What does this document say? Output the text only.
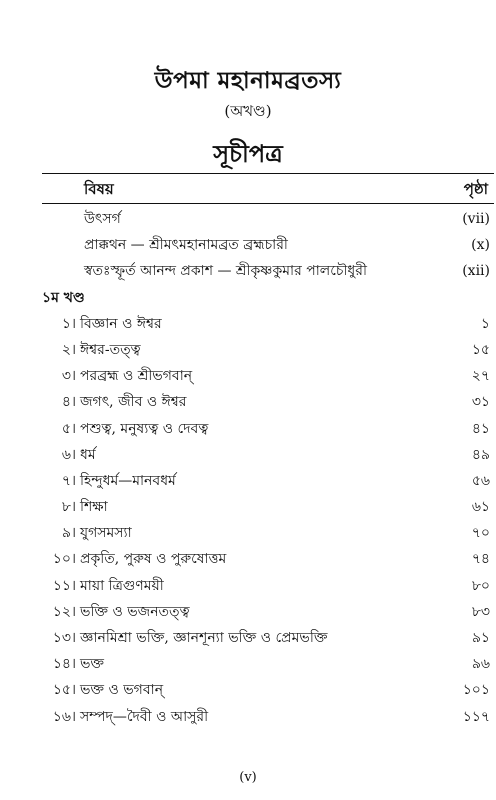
উপমা মহানামব্রতস্য
(অখণ্ড)
সূচীপত্র
বিষয়	পৃষ্ঠা
উৎসর্গ	(vii)
প্রাক্কথন — শ্রীমৎমহানামব্রত ব্রহ্মচারী	(x)
স্বতঃস্ফূর্ত আনন্দ প্রকাশ — শ্রীকৃষ্ণকুমার পালচৌধুরী	(xii)
১ম খণ্ড
১। বিজ্ঞান ও ঈশ্বর	১
২। ঈশ্বর-তত্ত্ব	১৫
৩। পরব্রহ্ম ও শ্রীভগবান্	২৭
৪। জগৎ, জীব ও ঈশ্বর	৩১
৫। পশুত্ব, মনুষ্যত্ব ও দেবত্ব	৪১
৬। ধর্ম	৪৯
৭। হিন্দুধর্ম—মানবধর্ম	৫৬
৮। শিক্ষা	৬১
৯। যুগসমস্যা	৭০
১০। প্রকৃতি, পুরুষ ও পুরুষোত্তম	৭৪
১১। মায়া ত্রিগুণময়ী	৮০
১২। ভক্তি ও ভজনতত্ত্ব	৮৩
১৩। জ্ঞানমিশ্রা ভক্তি, জ্ঞানশূন্যা ভক্তি ও প্রেমভক্তি	৯১
১৪। ভক্ত	৯৬
১৫। ভক্ত ও ভগবান্	১০১
১৬। সম্পদ্—দৈবী ও আসুরী	১১৭
(v)
